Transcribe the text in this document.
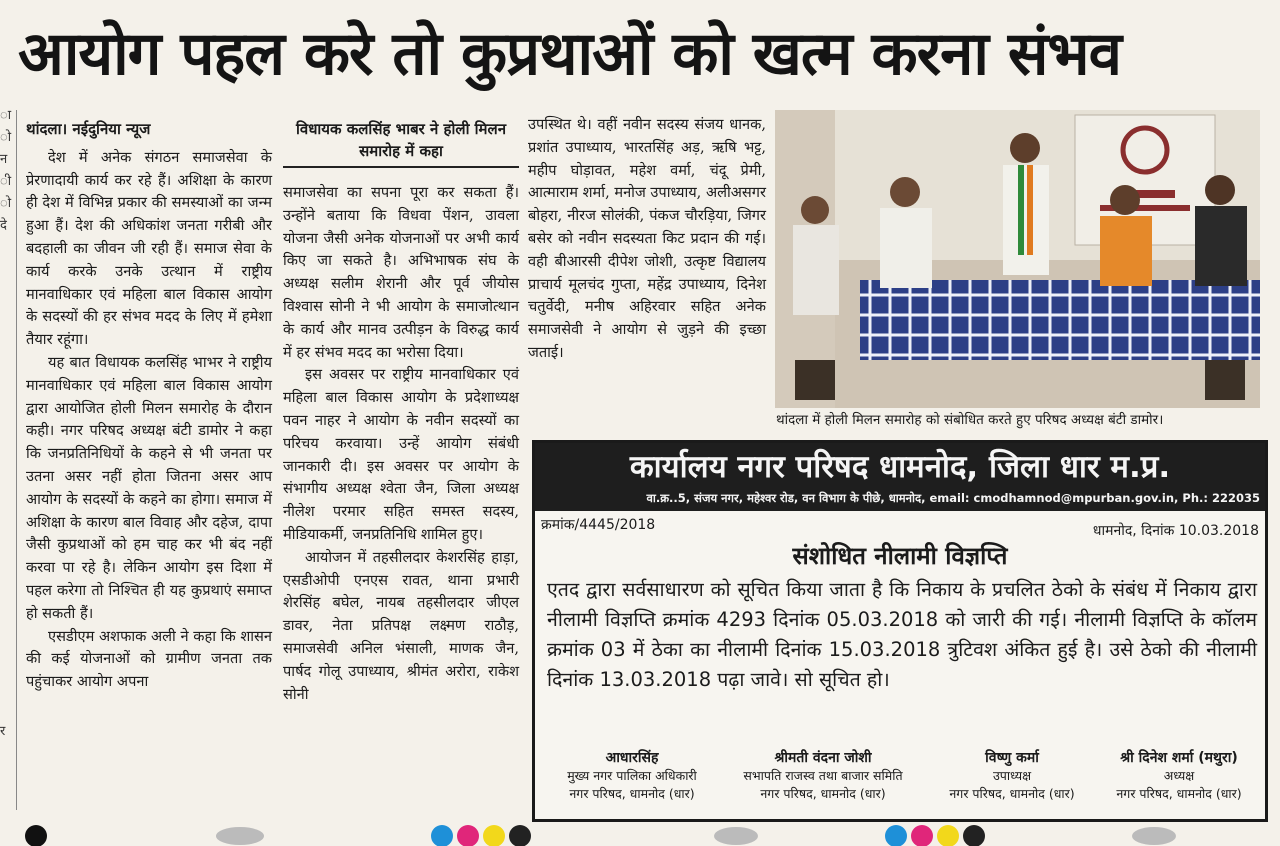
आयोग पहल करे तो कुप्रथाओं को खत्म करना संभव
ा
ो
न
ी
ो
दे

र

थांदला। नईदुनिया न्यूज

देश में अनेक संगठन समाजसेवा के प्रेरणादायी कार्य कर रहे हैं। अशिक्षा के कारण ही देश में विभिन्न प्रकार की समस्याओं का जन्म हुआ हैं। देश की अधिकांश जनता गरीबी और बदहाली का जीवन जी रही हैं। समाज सेवा के कार्य करके उनके उत्थान में राष्ट्रीय मानवाधिकार एवं महिला बाल विकास आयोग के सदस्यों की हर संभव मदद के लिए में हमेशा तैयार रहूंगा।

यह बात विधायक कलसिंह भाभर ने राष्ट्रीय मानवाधिकार एवं महिला बाल विकास आयोग द्वारा आयोजित होली मिलन समारोह के दौरान कही। नगर परिषद अध्यक्ष बंटी डामोर ने कहा कि जनप्रतिनिधियों के कहने से भी जनता पर उतना असर नहीं होता जितना असर आप आयोग के सदस्यों के कहने का होगा। समाज में अशिक्षा के कारण बाल विवाह और दहेज, दापा जैसी कुप्रथाओं को हम चाह कर भी बंद नहीं करवा पा रहे है। लेकिन आयोग इस दिशा में पहल करेगा तो निश्चित ही यह कुप्रथाएं समाप्त हो सकती हैं।

एसडीएम अशफाक अली ने कहा कि शासन की कई योजनाओं को ग्रामीण जनता तक पहुंचाकर आयोग अपना

विधायक कलसिंह भाबर ने होली मिलन समारोह में कहा

समाजसेवा का सपना पूरा कर सकता हैं। उन्होंने बताया कि विधवा पेंशन, उावला योजना जैसी अनेक योजनाओं पर अभी कार्य किए जा सकते है। अभिभाषक संघ के अध्यक्ष सलीम शेरानी और पूर्व जीयोस विश्वास सोनी ने भी आयोग के समाजोत्थान के कार्य और मानव उत्पीड़न के विरुद्ध कार्य में हर संभव मदद का भरोसा दिया।

इस अवसर पर राष्ट्रीय मानवाधिकार एवं महिला बाल विकास आयोग के प्रदेशाध्यक्ष पवन नाहर ने आयोग के नवीन सदस्यों का परिचय करवाया। उन्हें आयोग संबंधी जानकारी दी। इस अवसर पर आयोग के संभागीय अध्यक्ष श्वेता जैन, जिला अध्यक्ष नीलेश परमार सहित समस्त सदस्य, मीडियाकर्मी, जनप्रतिनिधि शामिल हुए।

आयोजन में तहसीलदार केशरसिंह हाड़ा, एसडीओपी एनएस रावत, थाना प्रभारी शेरसिंह बघेल, नायब तहसीलदार जीएल डावर, नेता प्रतिपक्ष लक्ष्मण राठौड़, समाजसेवी अनिल भंसाली, माणक जैन, पार्षद गोलू उपाध्याय, श्रीमंत अरोरा, राकेश सोनी

उपस्थित थे। वहीं नवीन सदस्य संजय धानक, प्रशांत उपाध्याय, भारतसिंह अड़, ऋषि भट्ट, महीप घोड़ावत, महेश वर्मा, चंदू प्रेमी, आत्माराम शर्मा, मनोज उपाध्याय, अलीअसगर बोहरा, नीरज सोलंकी, पंकज चौरड़िया, जिगर बसेर को नवीन सदस्यता किट प्रदान की गई। वही बीआरसी दीपेश जोशी, उत्कृष्ट विद्यालय प्राचार्य मूलचंद गुप्ता, महेंद्र उपाध्याय, दिनेश चतुर्वेदी, मनीष अहिरवार सहित अनेक समाजसेवी ने आयोग से जुड़ने की इच्छा जताई।

थांदला में होली मिलन समारोह को संबोधित करते हुए परिषद अध्यक्ष बंटी डामोर।
कार्यालय नगर परिषद धामनोद, जिला धार म.प्र.
वा.क्र..5, संजय नगर, महेश्वर रोड, वन विभाग के पीछे, धामनोद, email: cmodhamnod@mpurban.gov.in, Ph.: 222035
क्रमांक/4445/2018	धामनोद, दिनांक 10.03.2018
संशोधित नीलामी विज्ञप्ति
एतद द्वारा सर्वसाधारण को सूचित किया जाता है कि निकाय के प्रचलित ठेको के संबंध में निकाय द्वारा नीलामी विज्ञप्ति क्रमांक 4293 दिनांक 05.03.2018 को जारी की गई। नीलामी विज्ञप्ति के कॉलम क्रमांक 03 में ठेका का नीलामी दिनांक 15.03.2018 त्रुटिवश अंकित हुई है। उसे ठेको की नीलामी दिनांक 13.03.2018 पढ़ा जावे। सो सूचित हो।
आधारसिंह
मुख्य नगर पालिका अधिकारी
नगर परिषद, धामनोद (धार)
श्रीमती वंदना जोशी
सभापति राजस्व तथा बाजार समिति
नगर परिषद, धामनोद (धार)
विष्णु कर्मा
उपाध्यक्ष
नगर परिषद, धामनोद (धार)
श्री दिनेश शर्मा (मथुरा)
अध्यक्ष
नगर परिषद, धामनोद (धार)
